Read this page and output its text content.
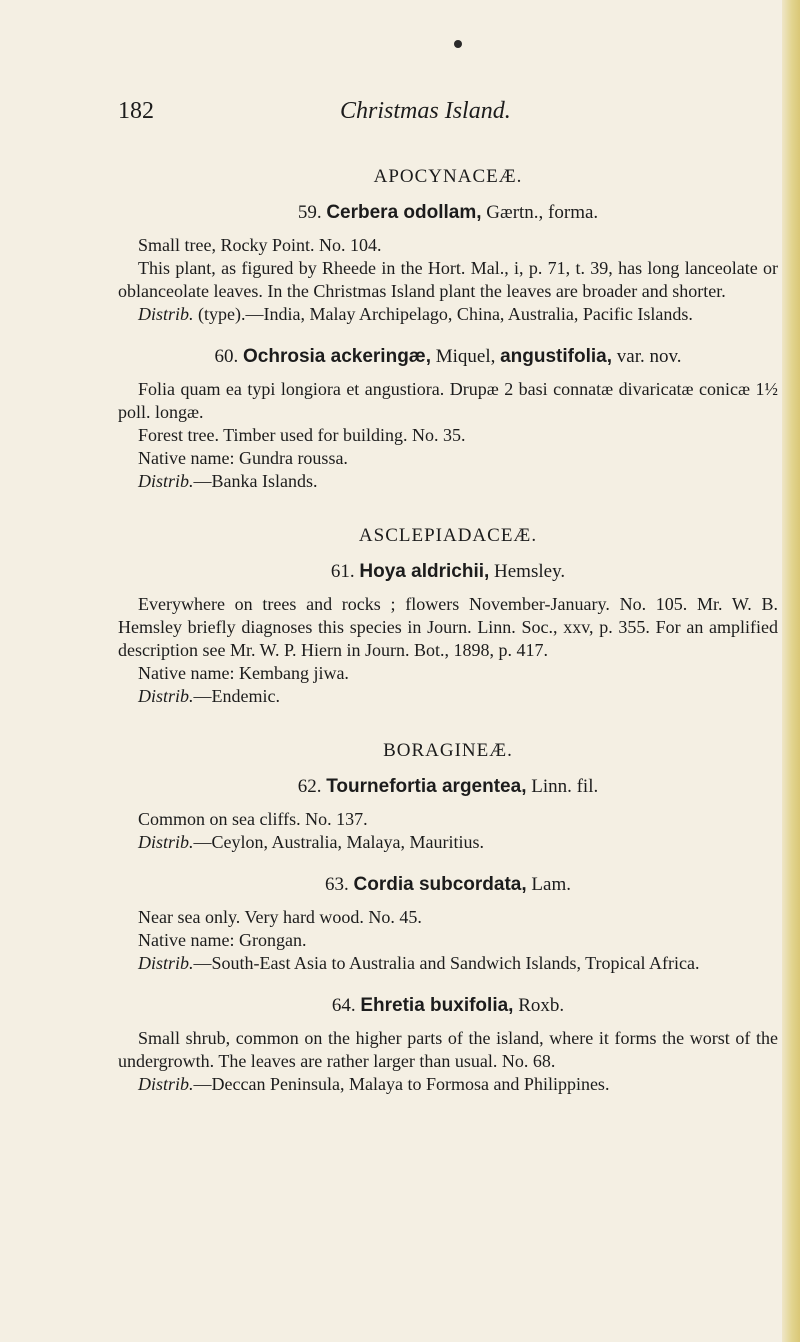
182	Christmas Island.
APOCYNACEÆ.
59. Cerbera odollam, Gærtn., forma.

Small tree, Rocky Point. No. 104.

This plant, as figured by Rheede in the Hort. Mal., i, p. 71, t. 39, has long lanceolate or oblanceolate leaves. In the Christmas Island plant the leaves are broader and shorter.

Distrib. (type).—India, Malay Archipelago, China, Australia, Pacific Islands.

60. Ochrosia ackeringæ, Miquel, angustifolia, var. nov.

Folia quam ea typi longiora et angustiora. Drupæ 2 basi connatæ divaricatæ conicæ 1½ poll. longæ.

Forest tree. Timber used for building. No. 35.

Native name: Gundra roussa.

Distrib.—Banka Islands.

ASCLEPIADACEÆ.
61. Hoya aldrichii, Hemsley.

Everywhere on trees and rocks ; flowers November-January. No. 105. Mr. W. B. Hemsley briefly diagnoses this species in Journ. Linn. Soc., xxv, p. 355. For an amplified description see Mr. W. P. Hiern in Journ. Bot., 1898, p. 417.

Native name: Kembang jiwa.

Distrib.—Endemic.

BORAGINEÆ.
62. Tournefortia argentea, Linn. fil.

Common on sea cliffs. No. 137.

Distrib.—Ceylon, Australia, Malaya, Mauritius.

63. Cordia subcordata, Lam.

Near sea only. Very hard wood. No. 45.

Native name: Grongan.

Distrib.—South-East Asia to Australia and Sandwich Islands, Tropical Africa.

64. Ehretia buxifolia, Roxb.

Small shrub, common on the higher parts of the island, where it forms the worst of the undergrowth. The leaves are rather larger than usual. No. 68.

Distrib.—Deccan Peninsula, Malaya to Formosa and Philippines.
